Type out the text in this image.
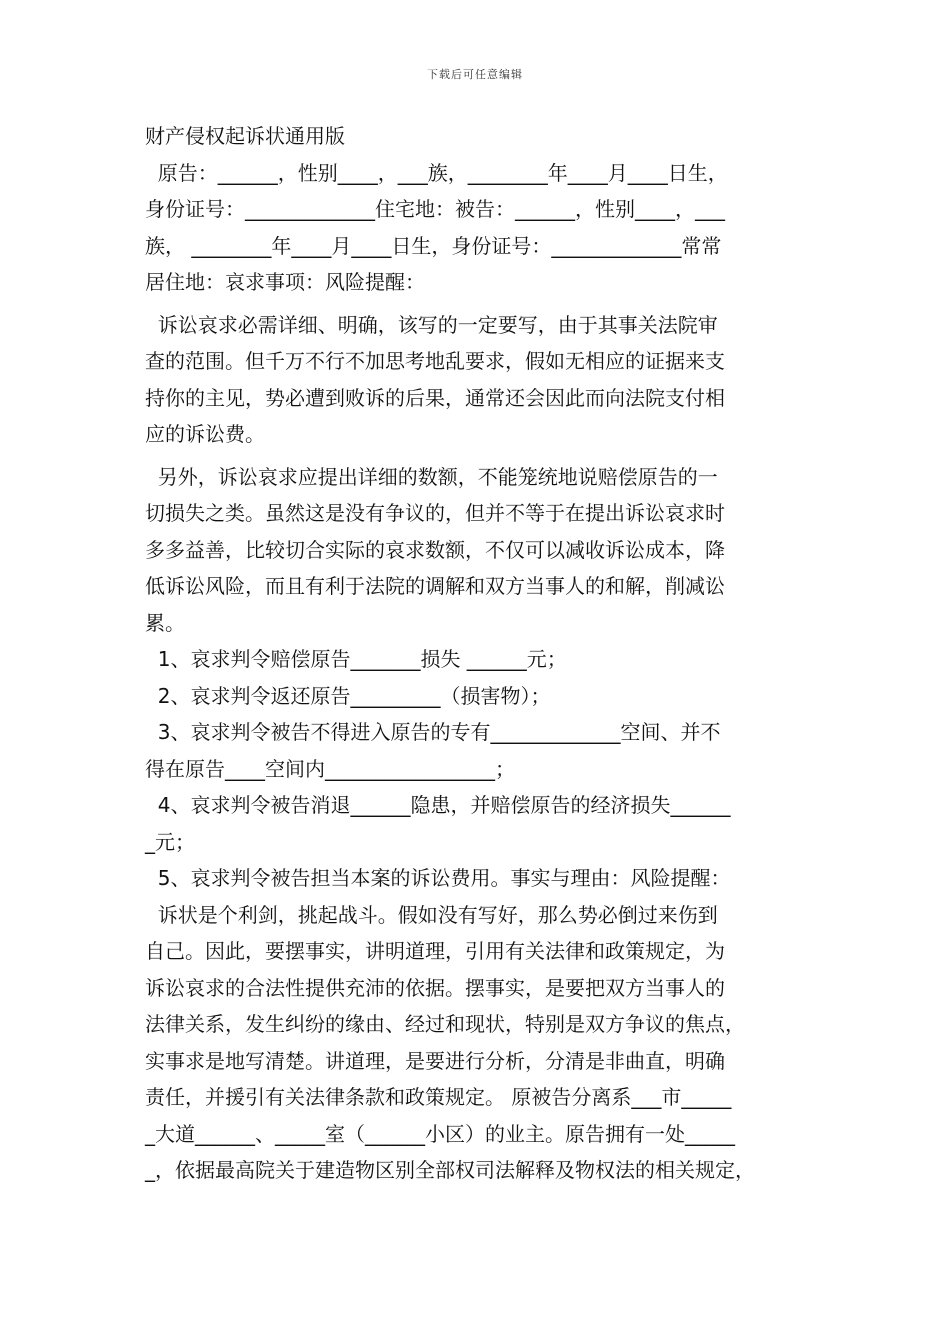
下载后可任意编辑
财产侵权起诉状通用版

原告：______，性别____，___族，________年____月____日生，

身份证号：_____________住宅地：被告：______，性别____，___

族， ________年____月____日生，身份证号：_____________常常

居住地：哀求事项：风险提醒：

诉讼哀求必需详细、明确，该写的一定要写，由于其事关法院审

查的范围。但千万不行不加思考地乱要求，假如无相应的证据来支

持你的主见，势必遭到败诉的后果，通常还会因此而向法院支付相

应的诉讼费。

另外，诉讼哀求应提出详细的数额，不能笼统地说赔偿原告的一

切损失之类。虽然这是没有争议的，但并不等于在提出诉讼哀求时

多多益善，比较切合实际的哀求数额，不仅可以减收诉讼成本，降

低诉讼风险，而且有利于法院的调解和双方当事人的和解，削减讼

累。

1、哀求判令赔偿原告_______损失 ______元；

2、哀求判令返还原告_________（损害物）；

3、哀求判令被告不得进入原告的专有_____________空间、并不

得在原告____空间内_________________；

4、哀求判令被告消退______隐患，并赔偿原告的经济损失______

_元；

5、哀求判令被告担当本案的诉讼费用。事实与理由：风险提醒：

诉状是个利剑，挑起战斗。假如没有写好，那么势必倒过来伤到

自己。因此，要摆事实，讲明道理，引用有关法律和政策规定，为

诉讼哀求的合法性提供充沛的依据。摆事实，是要把双方当事人的

法律关系，发生纠纷的缘由、经过和现状，特别是双方争议的焦点，

实事求是地写清楚。讲道理，是要进行分析，分清是非曲直，明确

责任，并援引有关法律条款和政策规定。 原被告分离系___市_____

_大道______、_____室（______小区）的业主。原告拥有一处_____

_，依据最高院关于建造物区别全部权司法解释及物权法的相关规定，
